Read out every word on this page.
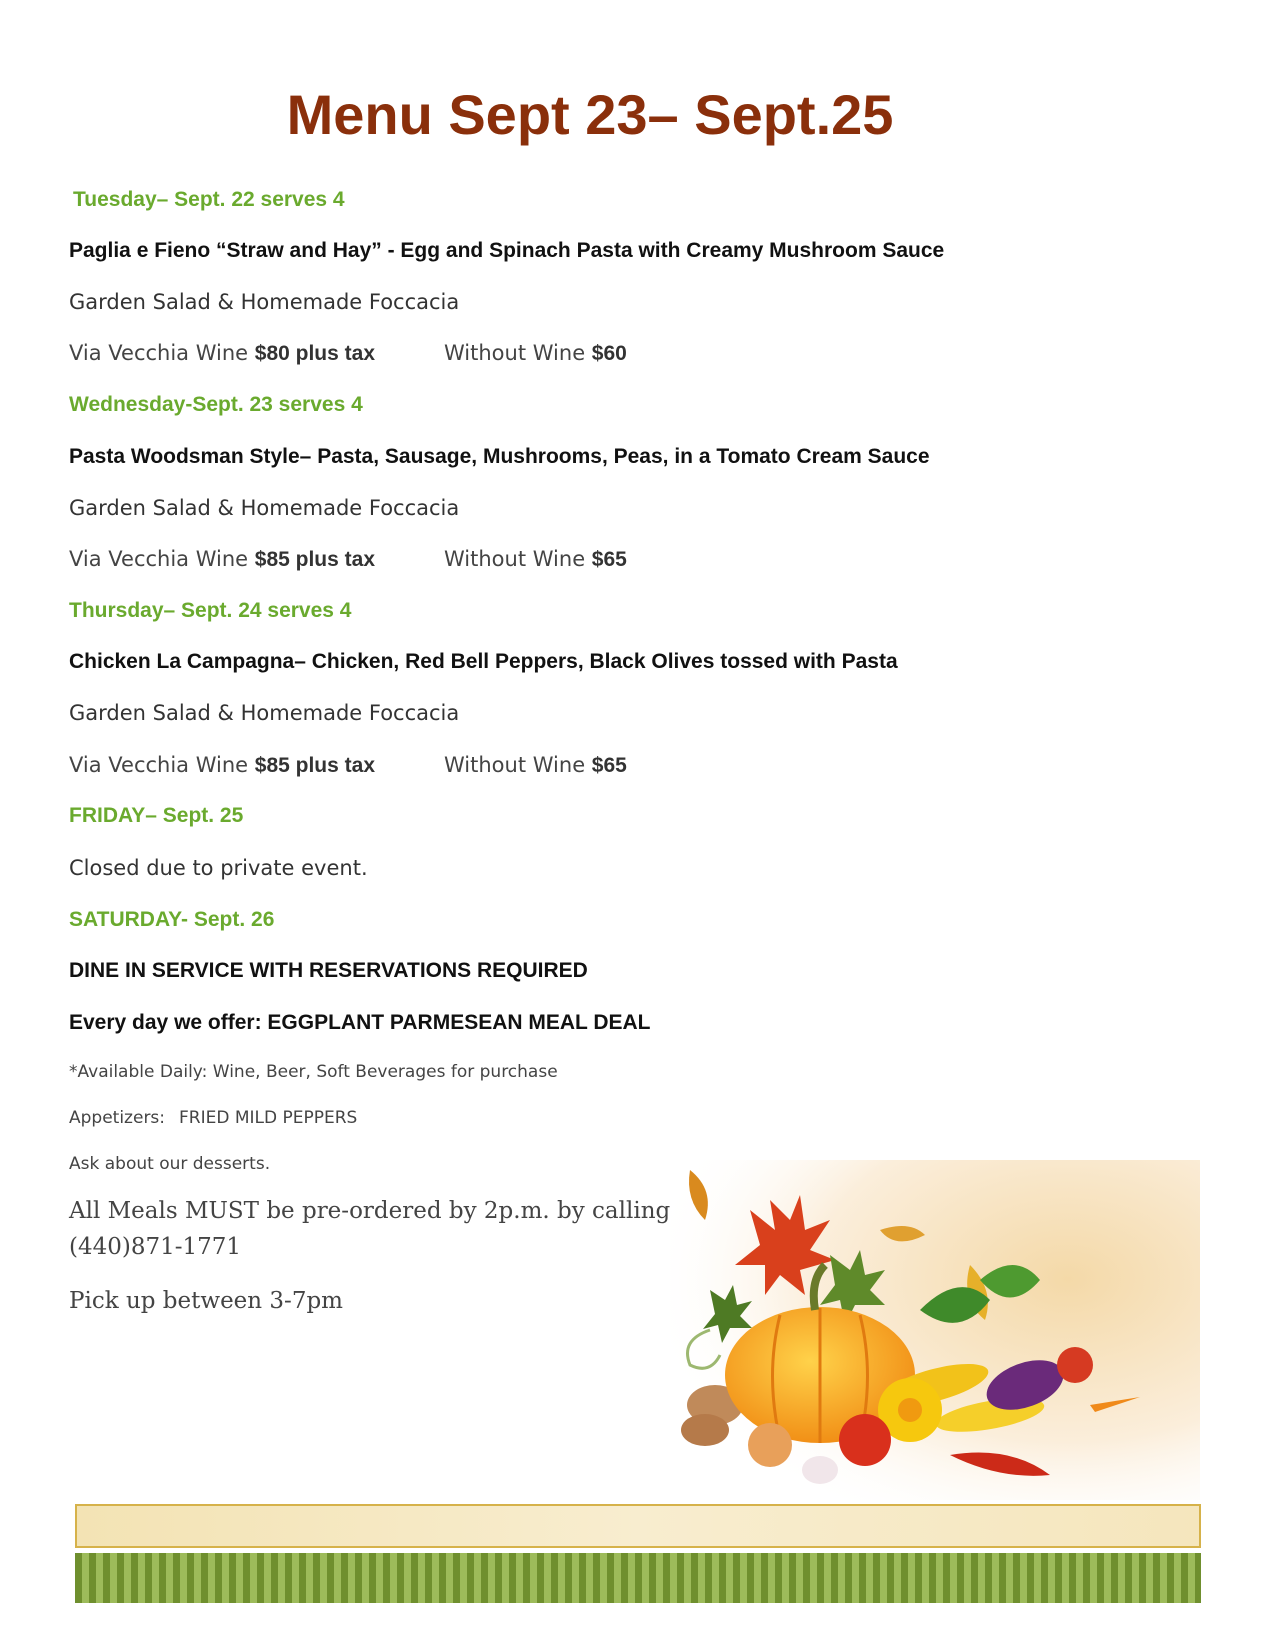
Menu Sept 23– Sept.25
Tuesday– Sept. 22 serves 4
Paglia e Fieno “Straw and Hay” - Egg and Spinach Pasta with Creamy Mushroom Sauce
Garden Salad & Homemade Foccacia
Via Vecchia Wine $80 plus tax	Without Wine $60
Wednesday-Sept. 23 serves 4
Pasta Woodsman Style– Pasta, Sausage, Mushrooms, Peas, in a Tomato Cream Sauce
Garden Salad & Homemade Foccacia
Via Vecchia Wine $85 plus tax	Without Wine $65
Thursday– Sept. 24 serves 4
Chicken La Campagna– Chicken, Red Bell Peppers, Black Olives tossed with Pasta
Garden Salad & Homemade Foccacia
Via Vecchia Wine $85 plus tax	Without Wine $65
FRIDAY– Sept. 25
Closed due to private event.
SATURDAY- Sept. 26
DINE IN SERVICE WITH RESERVATIONS REQUIRED
Every day we offer: EGGPLANT PARMESEAN MEAL DEAL
*Available Daily: Wine, Beer, Soft Beverages for purchase
Appetizers: FRIED MILD PEPPERS
Ask about our desserts.
All Meals MUST be pre-ordered by 2p.m. by calling
(440)871-1771
Pick up between 3-7pm
